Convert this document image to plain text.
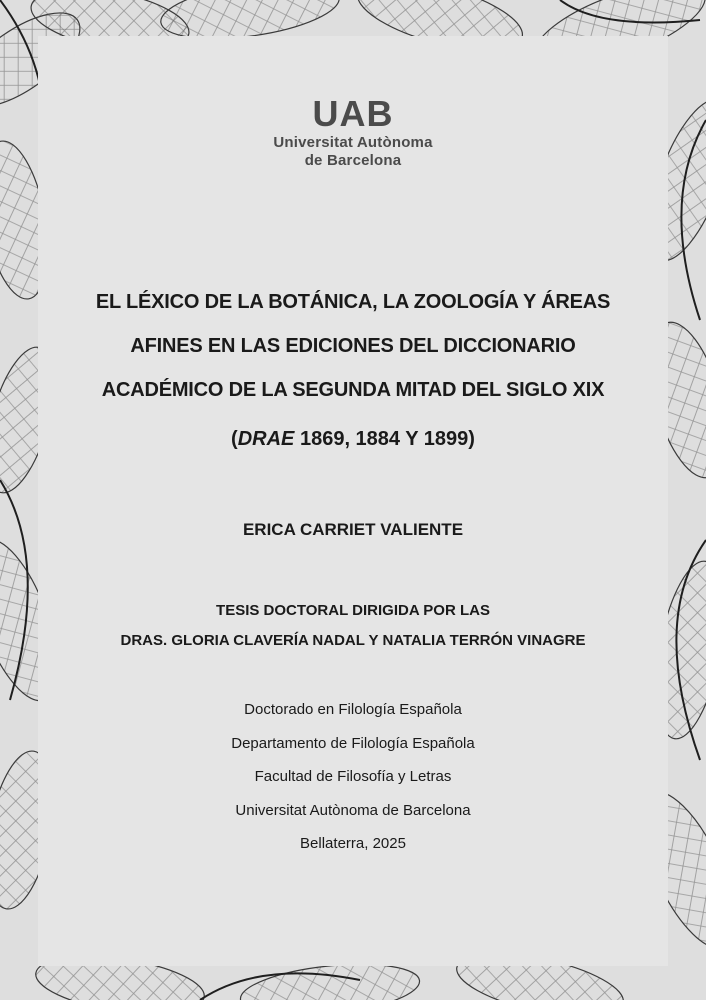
UAB
Universitat Autònoma
de Barcelona
EL LÉXICO DE LA BOTÁNICA, LA ZOOLOGÍA Y ÁREAS
AFINES EN LAS EDICIONES DEL DICCIONARIO
ACADÉMICO DE LA SEGUNDA MITAD DEL SIGLO XIX
(DRAE 1869, 1884 Y 1899)
ERICA CARRIET VALIENTE
TESIS DOCTORAL DIRIGIDA POR LAS
DRAS. GLORIA CLAVERÍA NADAL Y NATALIA TERRÓN VINAGRE
Doctorado en Filología Española
Departamento de Filología Española
Facultad de Filosofía y Letras
Universitat Autònoma de Barcelona
Bellaterra, 2025
